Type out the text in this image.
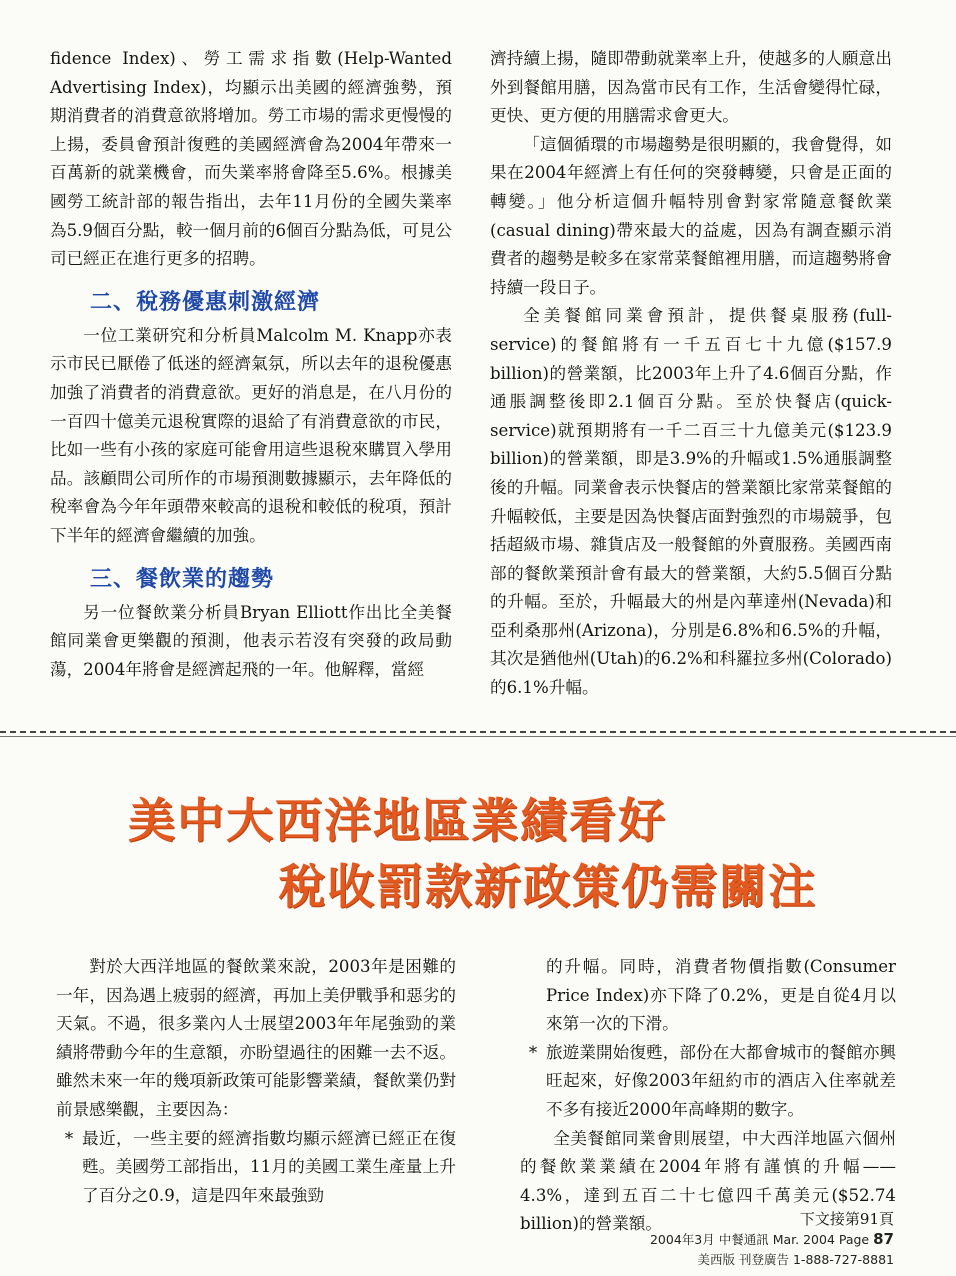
fidence Index)、勞工需求指數(Help-Wanted Advertising Index)，均顯示出美國的經濟強勢，預期消費者的消費意欲將增加。勞工市場的需求更慢慢的上揚，委員會預計復甦的美國經濟會為2004年帶來一百萬新的就業機會，而失業率將會降至5.6%。根據美國勞工統計部的報告指出，去年11月份的全國失業率為5.9個百分點，較一個月前的6個百分點為低，可見公司已經正在進行更多的招聘。

二、稅務優惠刺激經濟

一位工業研究和分析員Malcolm M. Knapp亦表示市民已厭倦了低迷的經濟氣氛，所以去年的退稅優惠加強了消費者的消費意欲。更好的消息是，在八月份的一百四十億美元退稅實際的退給了有消費意欲的市民，比如一些有小孩的家庭可能會用這些退稅來購買入學用品。該顧問公司所作的市場預測數據顯示，去年降低的稅率會為今年年頭帶來較高的退稅和較低的稅項，預計下半年的經濟會繼續的加強。

三、餐飲業的趨勢

另一位餐飲業分析員Bryan Elliott作出比全美餐館同業會更樂觀的預測，他表示若沒有突發的政局動蕩，2004年將會是經濟起飛的一年。他解釋，當經

濟持續上揚，隨即帶動就業率上升，使越多的人願意出外到餐館用膳，因為當市民有工作，生活會變得忙碌，更快、更方便的用膳需求會更大。

「這個循環的市場趨勢是很明顯的，我會覺得，如果在2004年經濟上有任何的突發轉變，只會是正面的轉變。」他分析這個升幅特別會對家常隨意餐飲業(casual dining)帶來最大的益處，因為有調查顯示消費者的趨勢是較多在家常菜餐館裡用膳，而這趨勢將會持續一段日子。

全美餐館同業會預計，提供餐桌服務(full-service)的餐館將有一千五百七十九億($157.9 billion)的營業額，比2003年上升了4.6個百分點，作通脹調整後即2.1個百分點。至於快餐店(quick-service)就預期將有一千二百三十九億美元($123.9 billion)的營業額，即是3.9%的升幅或1.5%通脹調整後的升幅。同業會表示快餐店的營業額比家常菜餐館的升幅較低，主要是因為快餐店面對強烈的市場競爭，包括超級市場、雜貨店及一般餐館的外賣服務。美國西南部的餐飲業預計會有最大的營業額，大約5.5個百分點的升幅。至於，升幅最大的州是內華達州(Nevada)和亞利桑那州(Arizona)，分別是6.8%和6.5%的升幅，其次是猶他州(Utah)的6.2%和科羅拉多州(Colorado)的6.1%升幅。

美中大西洋地區業績看好
稅收罰款新政策仍需關注

對於大西洋地區的餐飲業來說，2003年是困難的一年，因為遇上疲弱的經濟，再加上美伊戰爭和惡劣的天氣。不過，很多業內人士展望2003年年尾強勁的業績將帶動今年的生意額，亦盼望過往的困難一去不返。雖然未來一年的幾項新政策可能影響業績，餐飲業仍對前景感樂觀，主要因為：

* 最近，一些主要的經濟指數均顯示經濟已經正在復甦。美國勞工部指出，11月的美國工業生產量上升了百分之0.9，這是四年來最強勁
的升幅。同時，消費者物價指數(Consumer Price Index)亦下降了0.2%，更是自從4月以來第一次的下滑。
* 旅遊業開始復甦，部份在大都會城市的餐館亦興旺起來，好像2003年紐約市的酒店入住率就差不多有接近2000年高峰期的數字。

全美餐館同業會則展望，中大西洋地區六個州的餐飲業業績在2004年將有謹慎的升幅——4.3%，達到五百二十七億四千萬美元($52.74 billion)的營業額。	下文接第91頁
2004年3月 中餐通訊 Mar. 2004 Page 87
美西版 刊登廣告 1-888-727-8881
